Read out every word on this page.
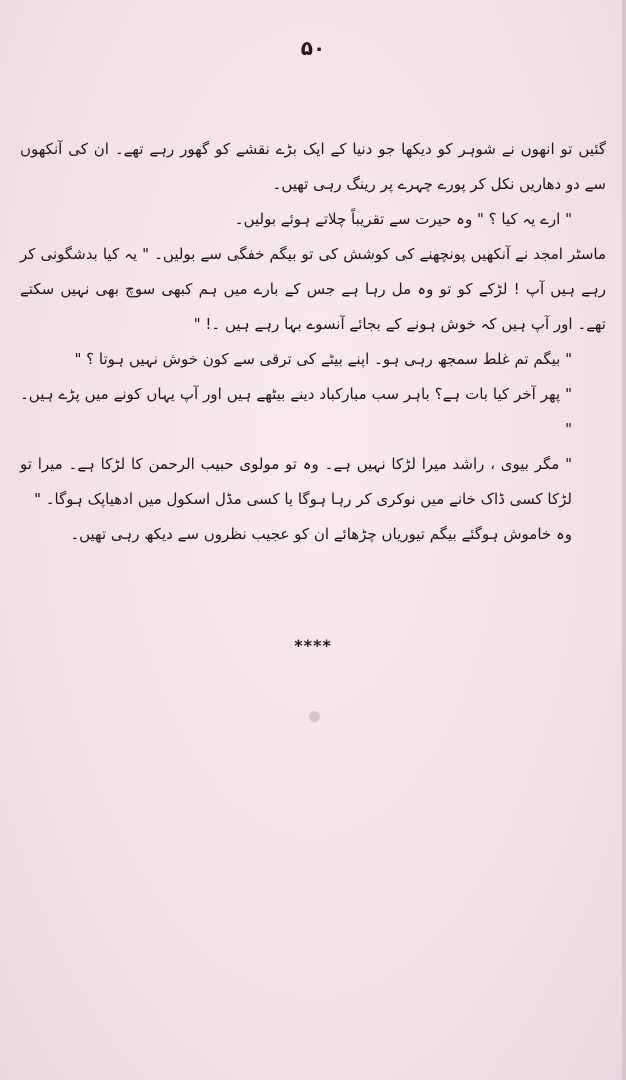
۵۰

گئیں تو انھوں نے شوہر کو دیکھا جو دنیا کے ایک بڑے نقشے کو گھور رہے تھے۔ ان کی آنکھوں سے دو دھاریں نکل کر پورے چہرے پر رینگ رہی تھیں۔

" ارے یہ کیا ؟ " وہ حیرت سے تقریباً چلاتے ہوئے بولیں۔

ماسٹر امجد نے آنکھیں پونچھنے کی کوشش کی تو بیگم خفگی سے بولیں۔ " یہ کیا بدشگونی کر رہے ہیں آپ ! لڑکے کو تو وہ مل رہا ہے جس کے بارے میں ہم کبھی سوچ بھی نہیں سکتے تھے۔ اور آپ ہیں کہ خوش ہونے کے بجائے آنسوے بہا رہے ہیں ۔! "

" بیگم تم غلط سمجھ رہی ہو۔ اپنے بیٹے کی ترقی سے کون خوش نہیں ہوتا ؟ "

" پھر آخر کیا بات ہے؟ باہر سب مبارکباد دینے بیٹھے ہیں اور آپ یہاں کونے میں پڑے ہیں۔ "

" مگر بیوی ، راشد میرا لڑکا نہیں ہے۔ وہ تو مولوی حبیب الرحمن کا لڑکا ہے۔ میرا تو لڑکا کسی ڈاک خانے میں نوکری کر رہا ہوگا یا کسی مڈل اسکول میں ادھیاپک ہوگا۔ "

وہ خاموش ہوگئے بیگم تیوریاں چڑھائے ان کو عجیب نظروں سے دیکھ رہی تھیں۔

****
